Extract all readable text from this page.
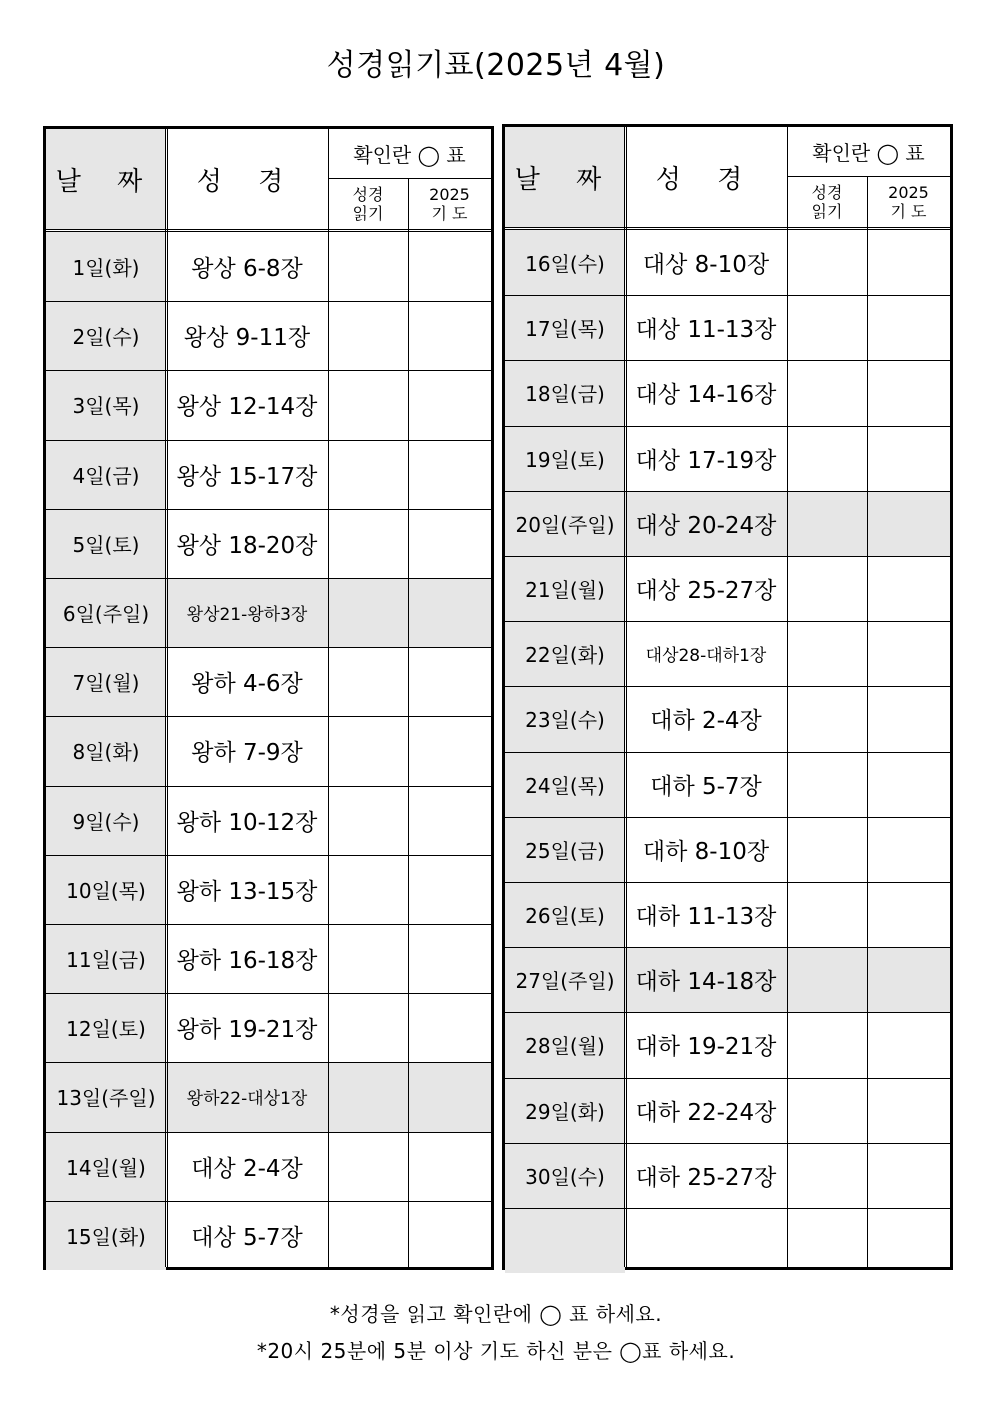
성경읽기표(2025년 4월)
날 짜	성 경
확인란 ◯ 표
성경
읽기
2025
기 도
1일(화)	왕상 6-8장
2일(수)	왕상 9-11장
3일(목)	왕상 12-14장
4일(금)	왕상 15-17장
5일(토)	왕상 18-20장
6일(주일)	왕상21-왕하3장
7일(월)	왕하 4-6장
8일(화)	왕하 7-9장
9일(수)	왕하 10-12장
10일(목)	왕하 13-15장
11일(금)	왕하 16-18장
12일(토)	왕하 19-21장
13일(주일)	왕하22-대상1장
14일(월)	대상 2-4장
15일(화)	대상 5-7장
날 짜	성 경
확인란 ◯ 표
성경
읽기
2025
기 도
16일(수)	대상 8-10장
17일(목)	대상 11-13장
18일(금)	대상 14-16장
19일(토)	대상 17-19장
20일(주일) 대상 20-24장
21일(월)	대상 25-27장
22일(화)	대상28-대하1장
23일(수)	대하 2-4장
24일(목)	대하 5-7장
25일(금)	대하 8-10장
26일(토)	대하 11-13장
27일(주일) 대하 14-18장
28일(월)	대하 19-21장
29일(화)	대하 22-24장
30일(수)	대하 25-27장
*성경을 읽고 확인란에 ◯ 표 하세요.
*20시 25분에 5분 이상 기도 하신 분은 ◯표 하세요.
